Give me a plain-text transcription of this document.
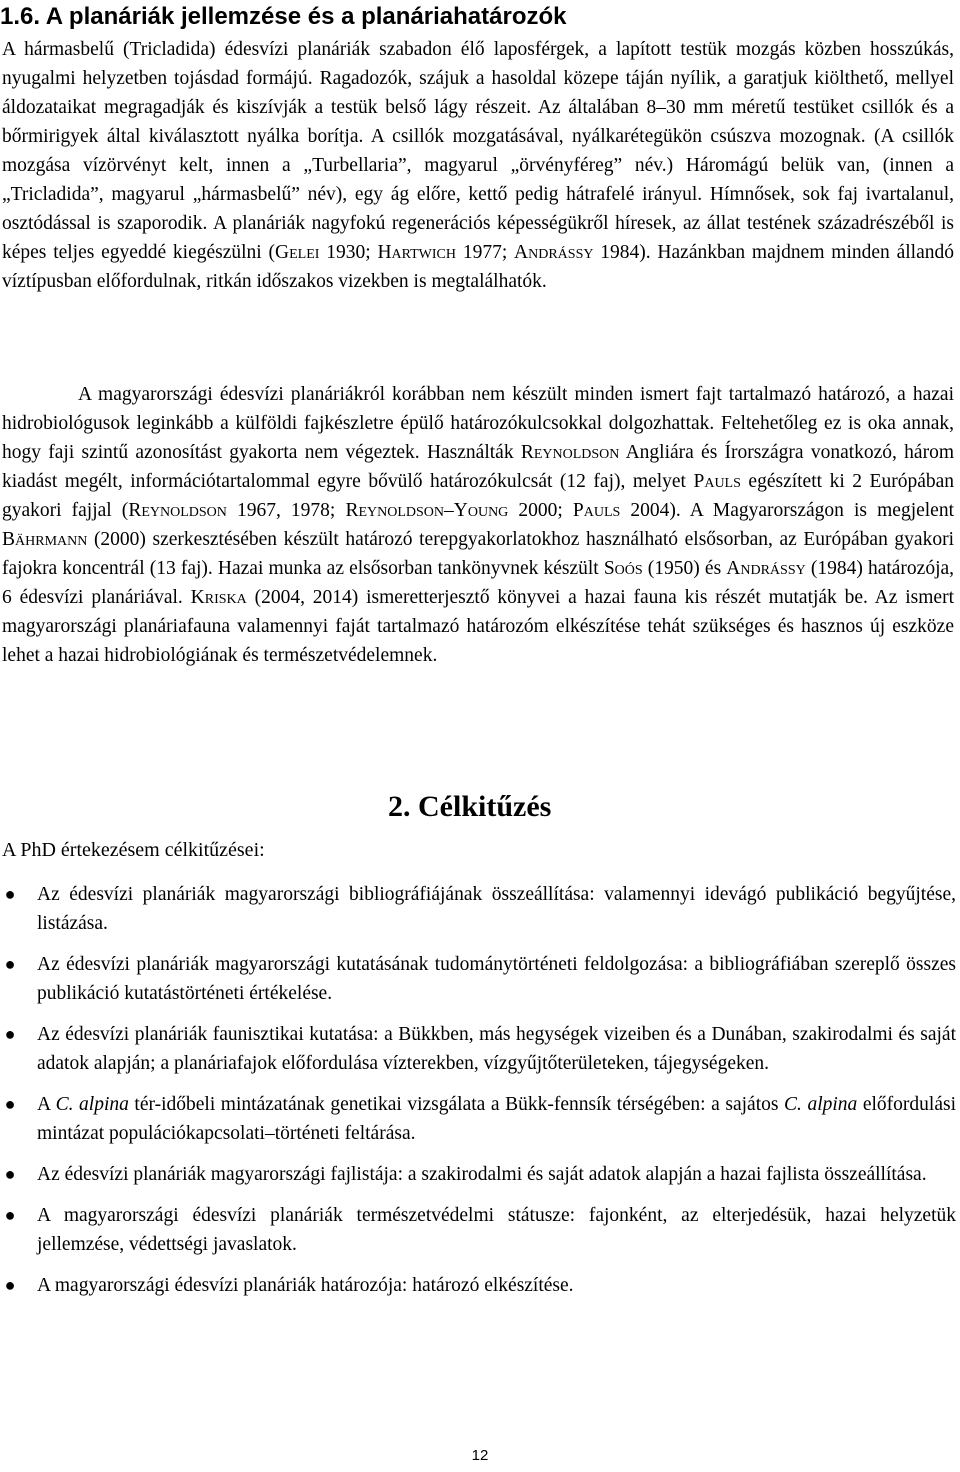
1.6. A planáriák jellemzése és a planáriahatározók

A hármasbelű (Tricladida) édesvízi planáriák szabadon élő laposférgek, a lapított testük mozgás közben hosszúkás, nyugalmi helyzetben tojásdad formájú. Ragadozók, szájuk a hasoldal közepe táján nyílik, a garatjuk kiölthető, mellyel áldozataikat megragadják és kiszívják a testük belső lágy részeit. Az általában 8–30 mm méretű testüket csillók és a bőrmirigyek által kiválasztott nyálka borítja. A csillók mozgatásával, nyálkarétegükön csúszva mozognak. (A csillók mozgása vízörvényt kelt, innen a „Turbellaria”, magyarul „örvényféreg” név.) Háromágú belük van, (innen a „Tricladida”, magyarul „hármasbelű” név), egy ág előre, kettő pedig hátrafelé irányul. Hímnősek, sok faj ivartalanul, osztódással is szaporodik. A planáriák nagyfokú regenerációs képességükről híresek, az állat testének századrészéből is képes teljes egyeddé kiegészülni (Gelei 1930; Hartwich 1977; Andrássy 1984). Hazánkban majdnem minden állandó víztípusban előfordulnak, ritkán időszakos vizekben is megtalálhatók.

A magyarországi édesvízi planáriákról korábban nem készült minden ismert fajt tartalmazó határozó, a hazai hidrobiológusok leginkább a külföldi fajkészletre épülő határozókulcsokkal dolgozhattak. Feltehetőleg ez is oka annak, hogy faji szintű azonosítást gyakorta nem végeztek. Használták Reynoldson Angliára és Írországra vonatkozó, három kiadást megélt, információtartalommal egyre bővülő határozókulcsát (12 faj), melyet Pauls egészített ki 2 Európában gyakori fajjal (Reynoldson 1967, 1978; Reynoldson–Young 2000; Pauls 2004). A Magyarországon is megjelent Bährmann (2000) szerkesztésében készült határozó terepgyakorlatokhoz használható elsősorban, az Európában gyakori fajokra koncentrál (13 faj). Hazai munka az elsősorban tankönyvnek készült Soós (1950) és Andrássy (1984) határozója, 6 édesvízi planáriával. Kriska (2004, 2014) ismeretterjesztő könyvei a hazai fauna kis részét mutatják be. Az ismert magyarországi planáriafauna valamennyi faját tartalmazó határozóm elkészítése tehát szükséges és hasznos új eszköze lehet a hazai hidrobiológiának és természetvédelemnek.

2. Célkitűzés

A PhD értekezésem célkitűzései:

● Az édesvízi planáriák magyarországi bibliográfiájának összeállítása: valamennyi idevágó publikáció begyűjtése, listázása.
● Az édesvízi planáriák magyarországi kutatásának tudománytörténeti feldolgozása: a bibliográfiában szereplő összes publikáció kutatástörténeti értékelése.
● Az édesvízi planáriák faunisztikai kutatása: a Bükkben, más hegységek vizeiben és a Dunában, szakirodalmi és saját adatok alapján; a planáriafajok előfordulása vízterekben, vízgyűjtőterületeken, tájegységeken.
● A C. alpina tér-időbeli mintázatának genetikai vizsgálata a Bükk-fennsík térségében: a sajátos C. alpina előfordulási mintázat populációkapcsolati–történeti feltárása.
● Az édesvízi planáriák magyarországi fajlistája: a szakirodalmi és saját adatok alapján a hazai fajlista összeállítása.
● A magyarországi édesvízi planáriák természetvédelmi státusze: fajonként, az elterjedésük, hazai helyzetük jellemzése, védettségi javaslatok.
● A magyarországi édesvízi planáriák határozója: határozó elkészítése.

12
